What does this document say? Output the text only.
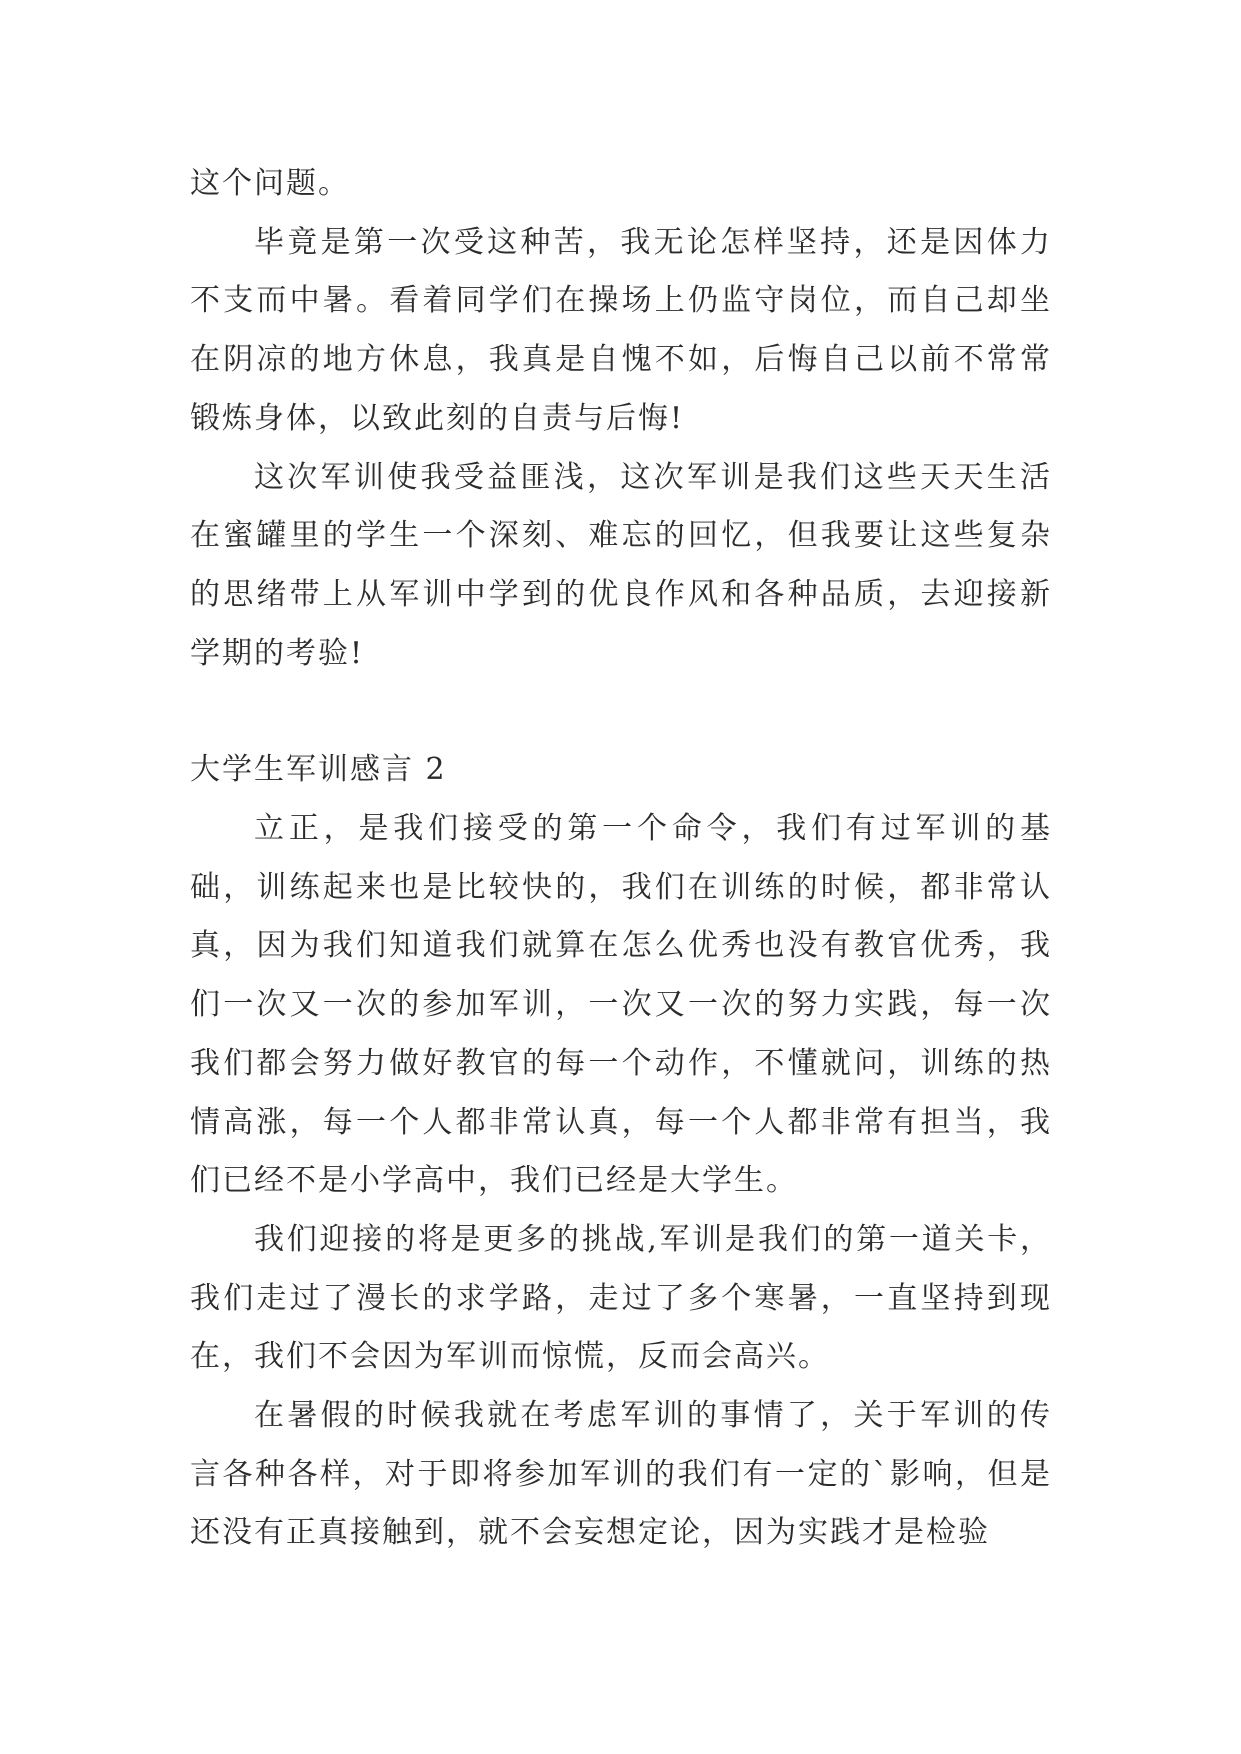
这个问题。

毕竟是第一次受这种苦，我无论怎样坚持，还是因体力不支而中暑。看着同学们在操场上仍监守岗位，而自己却坐在阴凉的地方休息，我真是自愧不如，后悔自己以前不常常锻炼身体，以致此刻的自责与后悔!

这次军训使我受益匪浅，这次军训是我们这些天天生活在蜜罐里的学生一个深刻、难忘的回忆，但我要让这些复杂的思绪带上从军训中学到的优良作风和各种品质，去迎接新学期的考验!

大学生军训感言 2

立正，是我们接受的第一个命令，我们有过军训的基础，训练起来也是比较快的，我们在训练的时候，都非常认真，因为我们知道我们就算在怎么优秀也没有教官优秀，我们一次又一次的参加军训，一次又一次的努力实践，每一次我们都会努力做好教官的每一个动作，不懂就问，训练的热情高涨，每一个人都非常认真，每一个人都非常有担当，我们已经不是小学高中，我们已经是大学生。

我们迎接的将是更多的挑战,军训是我们的第一道关卡，我们走过了漫长的求学路，走过了多个寒暑，一直坚持到现在，我们不会因为军训而惊慌，反而会高兴。

在暑假的时候我就在考虑军训的事情了，关于军训的传言各种各样，对于即将参加军训的我们有一定的`影响，但是还没有正真接触到，就不会妄想定论，因为实践才是检验
